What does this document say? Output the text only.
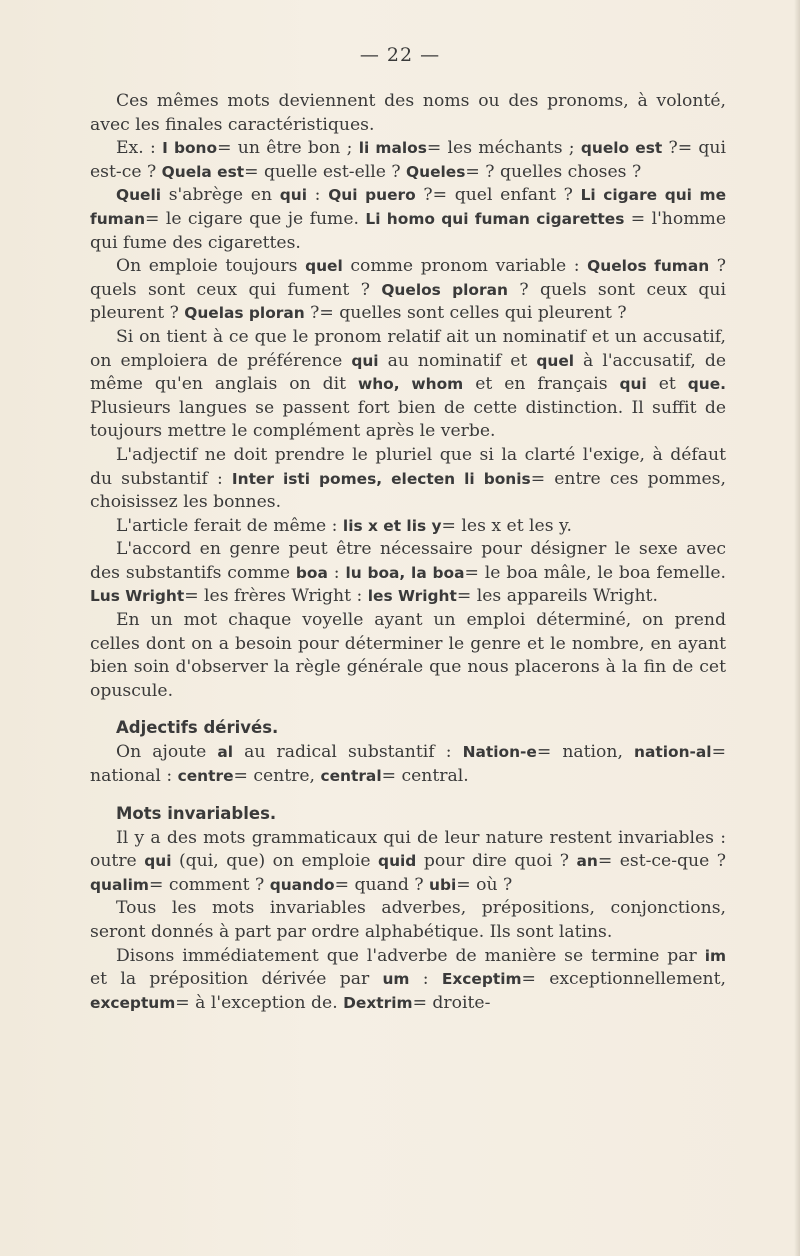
— 22 —

Ces mêmes mots deviennent des noms ou des pronoms, à volonté, avec les finales caractéristiques.

Ex. : I bono= un être bon ; li malos= les méchants ; quelo est ?= qui est-ce ? Quela est= quelle est-elle ? Queles= ? quelles choses ?

Queli s'abrège en qui : Qui puero ?= quel enfant ? Li cigare qui me fuman= le cigare que je fume. Li homo qui fuman cigarettes = l'homme qui fume des cigarettes.

On emploie toujours quel comme pronom variable : Quelos fuman ? quels sont ceux qui fument ? Quelos ploran ? quels sont ceux qui pleurent ? Quelas ploran ?= quelles sont celles qui pleurent ?

Si on tient à ce que le pronom relatif ait un nominatif et un accusatif, on emploiera de préférence qui au nominatif et quel à l'accusatif, de même qu'en anglais on dit who, whom et en français qui et que. Plusieurs langues se passent fort bien de cette distinction. Il suffit de toujours mettre le complément après le verbe.

L'adjectif ne doit prendre le pluriel que si la clarté l'exige, à défaut du substantif : Inter isti pomes, electen li bonis= entre ces pommes, choisissez les bonnes.

L'article ferait de même : lis x et lis y= les x et les y.

L'accord en genre peut être nécessaire pour désigner le sexe avec des substantifs comme boa : lu boa, la boa= le boa mâle, le boa femelle. Lus Wright= les frères Wright : les Wright= les appareils Wright.

En un mot chaque voyelle ayant un emploi déterminé, on prend celles dont on a besoin pour déterminer le genre et le nombre, en ayant bien soin d'observer la règle générale que nous placerons à la fin de cet opuscule.

Adjectifs dérivés.

On ajoute al au radical substantif : Nation-e= nation, nation-al= national : centre= centre, central= central.

Mots invariables.

Il y a des mots grammaticaux qui de leur nature restent invariables : outre qui (qui, que) on emploie quid pour dire quoi ? an= est-ce-que ? qualim= comment ? quando= quand ? ubi= où ?

Tous les mots invariables adverbes, prépositions, conjonctions, seront donnés à part par ordre alphabétique. Ils sont latins.

Disons immédiatement que l'adverbe de manière se termine par im et la préposition dérivée par um : Exceptim= exceptionnellement, exceptum= à l'exception de. Dextrim= droite-
